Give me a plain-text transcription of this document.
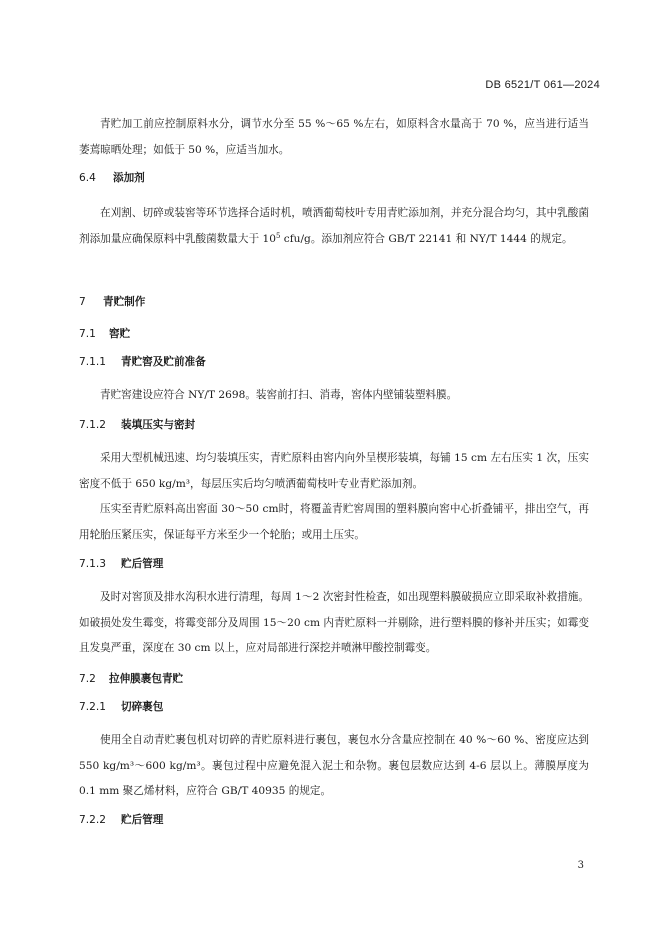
DB 6521/T 061—2024

青贮加工前应控制原料水分，调节水分至 55 %～65 %左右，如原料含水量高于 70 %，应当进行适当萎蔫晾晒处理；如低于 50 %，应适当加水。

6.4 添加剂

在刈割、切碎或装窖等环节选择合适时机，喷洒葡萄枝叶专用青贮添加剂，并充分混合均匀，其中乳酸菌剂添加量应确保原料中乳酸菌数量大于 $10^5$ cfu/g。添加剂应符合 GB/T 22141 和 NY/T 1444 的规定。

7 青贮制作
7.1 窖贮
7.1.1 青贮窖及贮前准备

青贮窖建设应符合 NY/T 2698。装窖前打扫、消毒，窖体内壁铺装塑料膜。

7.1.2 装填压实与密封

采用大型机械迅速、均匀装填压实，青贮原料由窖内向外呈楔形装填，每铺 15 cm 左右压实 1 次，压实密度不低于 650 kg/m³，每层压实后均匀喷洒葡萄枝叶专业青贮添加剂。

压实至青贮原料高出窖面 30～50 cm时，将覆盖青贮窖周围的塑料膜向窖中心折叠铺平，排出空气，再用轮胎压紧压实，保证每平方米至少一个轮胎；或用土压实。

7.1.3 贮后管理

及时对窖顶及排水沟积水进行清理，每周 1～2 次密封性检查，如出现塑料膜破损应立即采取补救措施。如破损处发生霉变，将霉变部分及周围 15～20 cm 内青贮原料一并剔除，进行塑料膜的修补并压实；如霉变且发臭严重，深度在 30 cm 以上，应对局部进行深挖并喷淋甲酸控制霉变。

7.2 拉伸膜裹包青贮
7.2.1 切碎裹包

使用全自动青贮裹包机对切碎的青贮原料进行裹包，裹包水分含量应控制在 40 %～60 %、密度应达到 550 kg/m³～600 kg/m³。裹包过程中应避免混入泥土和杂物。裹包层数应达到 4-6 层以上。薄膜厚度为 0.1 mm 聚乙烯材料，应符合 GB/T 40935 的规定。

7.2.2 贮后管理
3
